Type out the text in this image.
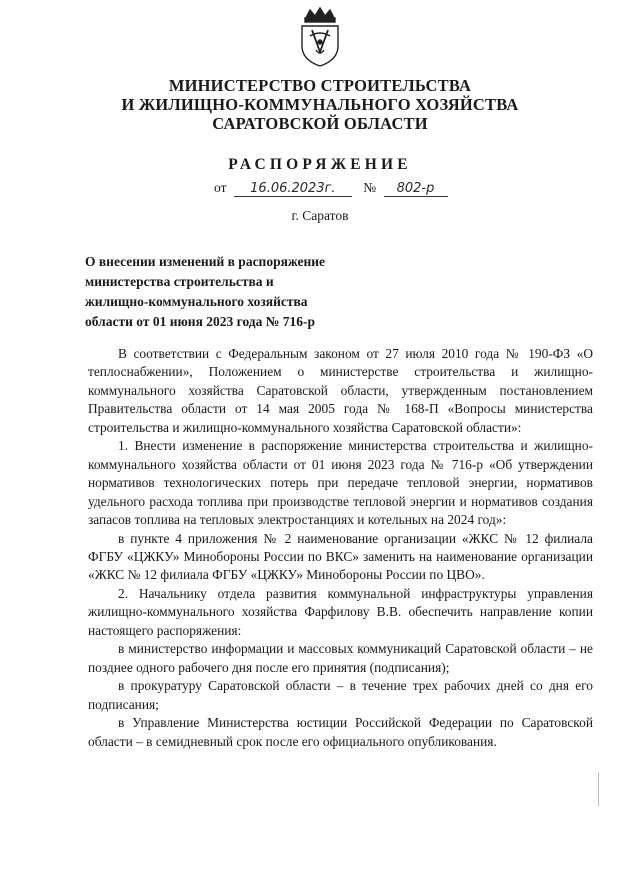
МИНИСТЕРСТВО СТРОИТЕЛЬСТВА
И ЖИЛИЩНО-КОММУНАЛЬНОГО ХОЗЯЙСТВА
САРАТОВСКОЙ ОБЛАСТИ
РАСПОРЯЖЕНИЕ
от 16.06.2023г. № 802-р
г. Саратов
О внесении изменений в распоряжение
министерства строительства и
жилищно-коммунального хозяйства
области от 01 июня 2023 года № 716-р

В соответствии с Федеральным законом от 27 июля 2010 года № 190-ФЗ «О теплоснабжении», Положением о министерстве строительства и жилищно-коммунального хозяйства Саратовской области, утвержденным постановлением Правительства области от 14 мая 2005 года № 168-П «Вопросы министерства строительства и жилищно-коммунального хозяйства Саратовской области»:

1. Внести изменение в распоряжение министерства строительства и жилищно-коммунального хозяйства области от 01 июня 2023 года № 716-р «Об утверждении нормативов технологических потерь при передаче тепловой энергии, нормативов удельного расхода топлива при производстве тепловой энергии и нормативов создания запасов топлива на тепловых электростанциях и котельных на 2024 год»:

в пункте 4 приложения № 2 наименование организации «ЖКС № 12 филиала ФГБУ «ЦЖКУ» Минобороны России по ВКС» заменить на наименование организации «ЖКС № 12 филиала ФГБУ «ЦЖКУ» Минобороны России по ЦВО».

2. Начальнику отдела развития коммунальной инфраструктуры управления жилищно-коммунального хозяйства Фарфилову В.В. обеспечить направление копии настоящего распоряжения:

в министерство информации и массовых коммуникаций Саратовской области – не позднее одного рабочего дня после его принятия (подписания);

в прокуратуру Саратовской области – в течение трех рабочих дней со дня его подписания;

в Управление Министерства юстиции Российской Федерации по Саратовской области – в семидневный срок после его официального опубликования.
